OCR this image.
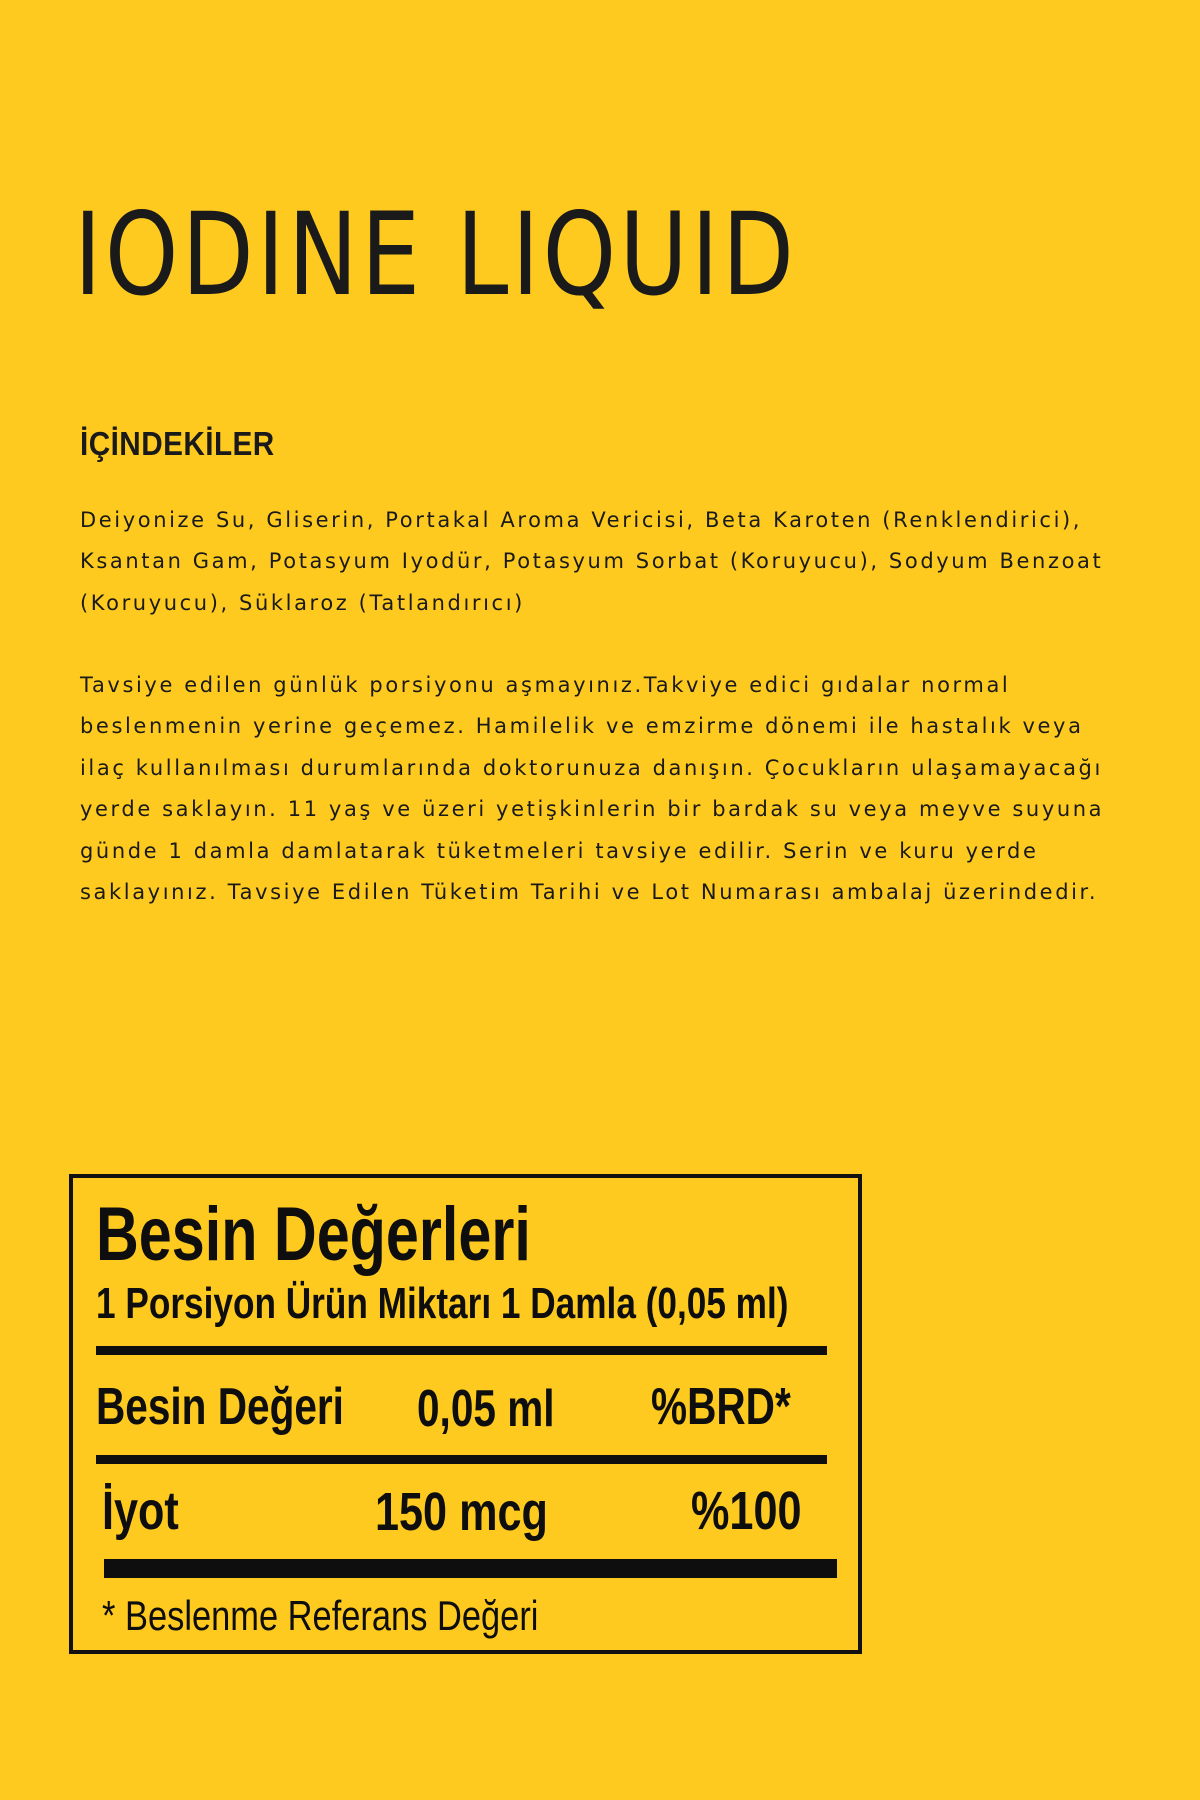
IODINE LIQUID
İÇİNDEKİLER

Deiyonize Su, Gliserin, Portakal Aroma Vericisi, Beta Karoten (Renklendirici), Ksantan Gam, Potasyum Iyodür, Potasyum Sorbat (Koruyucu), Sodyum Benzoat (Koruyucu), Süklaroz (Tatlandırıcı)

Tavsiye edilen günlük porsiyonu aşmayınız.Takviye edici gıdalar normal beslenmenin yerine geçemez. Hamilelik ve emzirme dönemi ile hastalık veya ilaç kullanılması durumlarında doktorunuza danışın. Çocukların ulaşamayacağı yerde saklayın. 11 yaş ve üzeri yetişkinlerin bir bardak su veya meyve suyuna günde 1 damla damlatarak tüketmeleri tavsiye edilir. Serin ve kuru yerde saklayınız. Tavsiye Edilen Tüketim Tarihi ve Lot Numarası ambalaj üzerindedir.

Besin Değerleri
1 Porsiyon Ürün Miktarı 1 Damla (0,05 ml)
Besin Değeri 0,05 ml %BRD*
İyot	150 mcg	%100
* Beslenme Referans Değeri
